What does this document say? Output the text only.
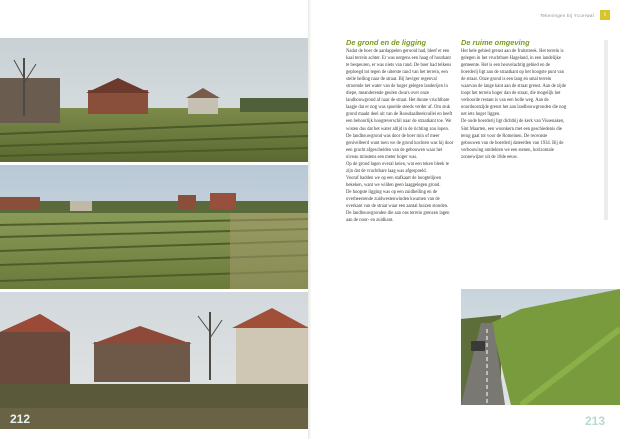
212
Tekeningen bij Yccerwal	i
De grond en de ligging

Nadat de boer de aardappelen gerooid had, bleef er een kaal terrein achter. Er was nergens een haag of houtkant te bespeuren, er was niets van rand. De boer had telkens geploegd tot tegen de uiterste rand van het terrein, een steile helling naar de straat. Bij heviger regenval stroomde het water van de hoger gelegen landerijen in diepe, meanderende geulen dwars over onze landbouwgrond af naar de straat. Het dunne vruchtbare laagje dat er nog was spoelde steeds verder af. Om stuk grond maakt deel uit van de Roosdaalbeekvallei en heeft een behoorlijk hoogteverschil naar de straatkant toe. We wisten dus dat het water altijd in de richting zou lopen.

De landbouwgrond was door de boer min of meer genivelleerd want toen we de grond kochten was hij door een gracht afgescheiden van de gebouwen waar het niveau minstens een meter hoger was.

Op de grond lagen overal keien, wat een teken bleek te zijn dat de vruchtbare laag was afgespoeld.

Vooraf hadden we op een stafkaart de hoogtelijnen bekeken, want we wilden geen laaggelegen grond.

De hoogste ligging was op een zuidhelling en de overheersende zuidwestenwinden kwamen van de overkant van de straat waar een aantal huizen stonden. De landbouwgronden die aan ons terrein grenzen lagen aan de noor- en zuidkant.

De ruime omgeving

Het hele gebied grenst aan de fruitstreek. Het terrein is gelegen in het vruchtbare Hageland, in een landelijke gemeente. Het is een heuvelachtig gebied en de boerderij ligt aan de straatkant op het hoogste punt van de straat. Onze grond is een lang en smal terrein waarvan de lange kant aan de straat grenst. Aan de zijde loopt het terrein hoger dan de straat, die mogelijk het verhoorde restant is van een holle weg. Aan de noordoostzijde grenst het aan landbouwgronden die nog net iets hoger liggen.

De oude boerderij ligt dichtbij de kerk van Vissenaken, Sint Maarten, een woonkern met een geschiedenis die terug gaat tot voor de Romeinen. De recentste gebouwen van de boerderij dateerden van 1934. Bij de verbouwing ontdekten we een stenen, horizontale zonnewijzer uit de 18de eeuw.

213
